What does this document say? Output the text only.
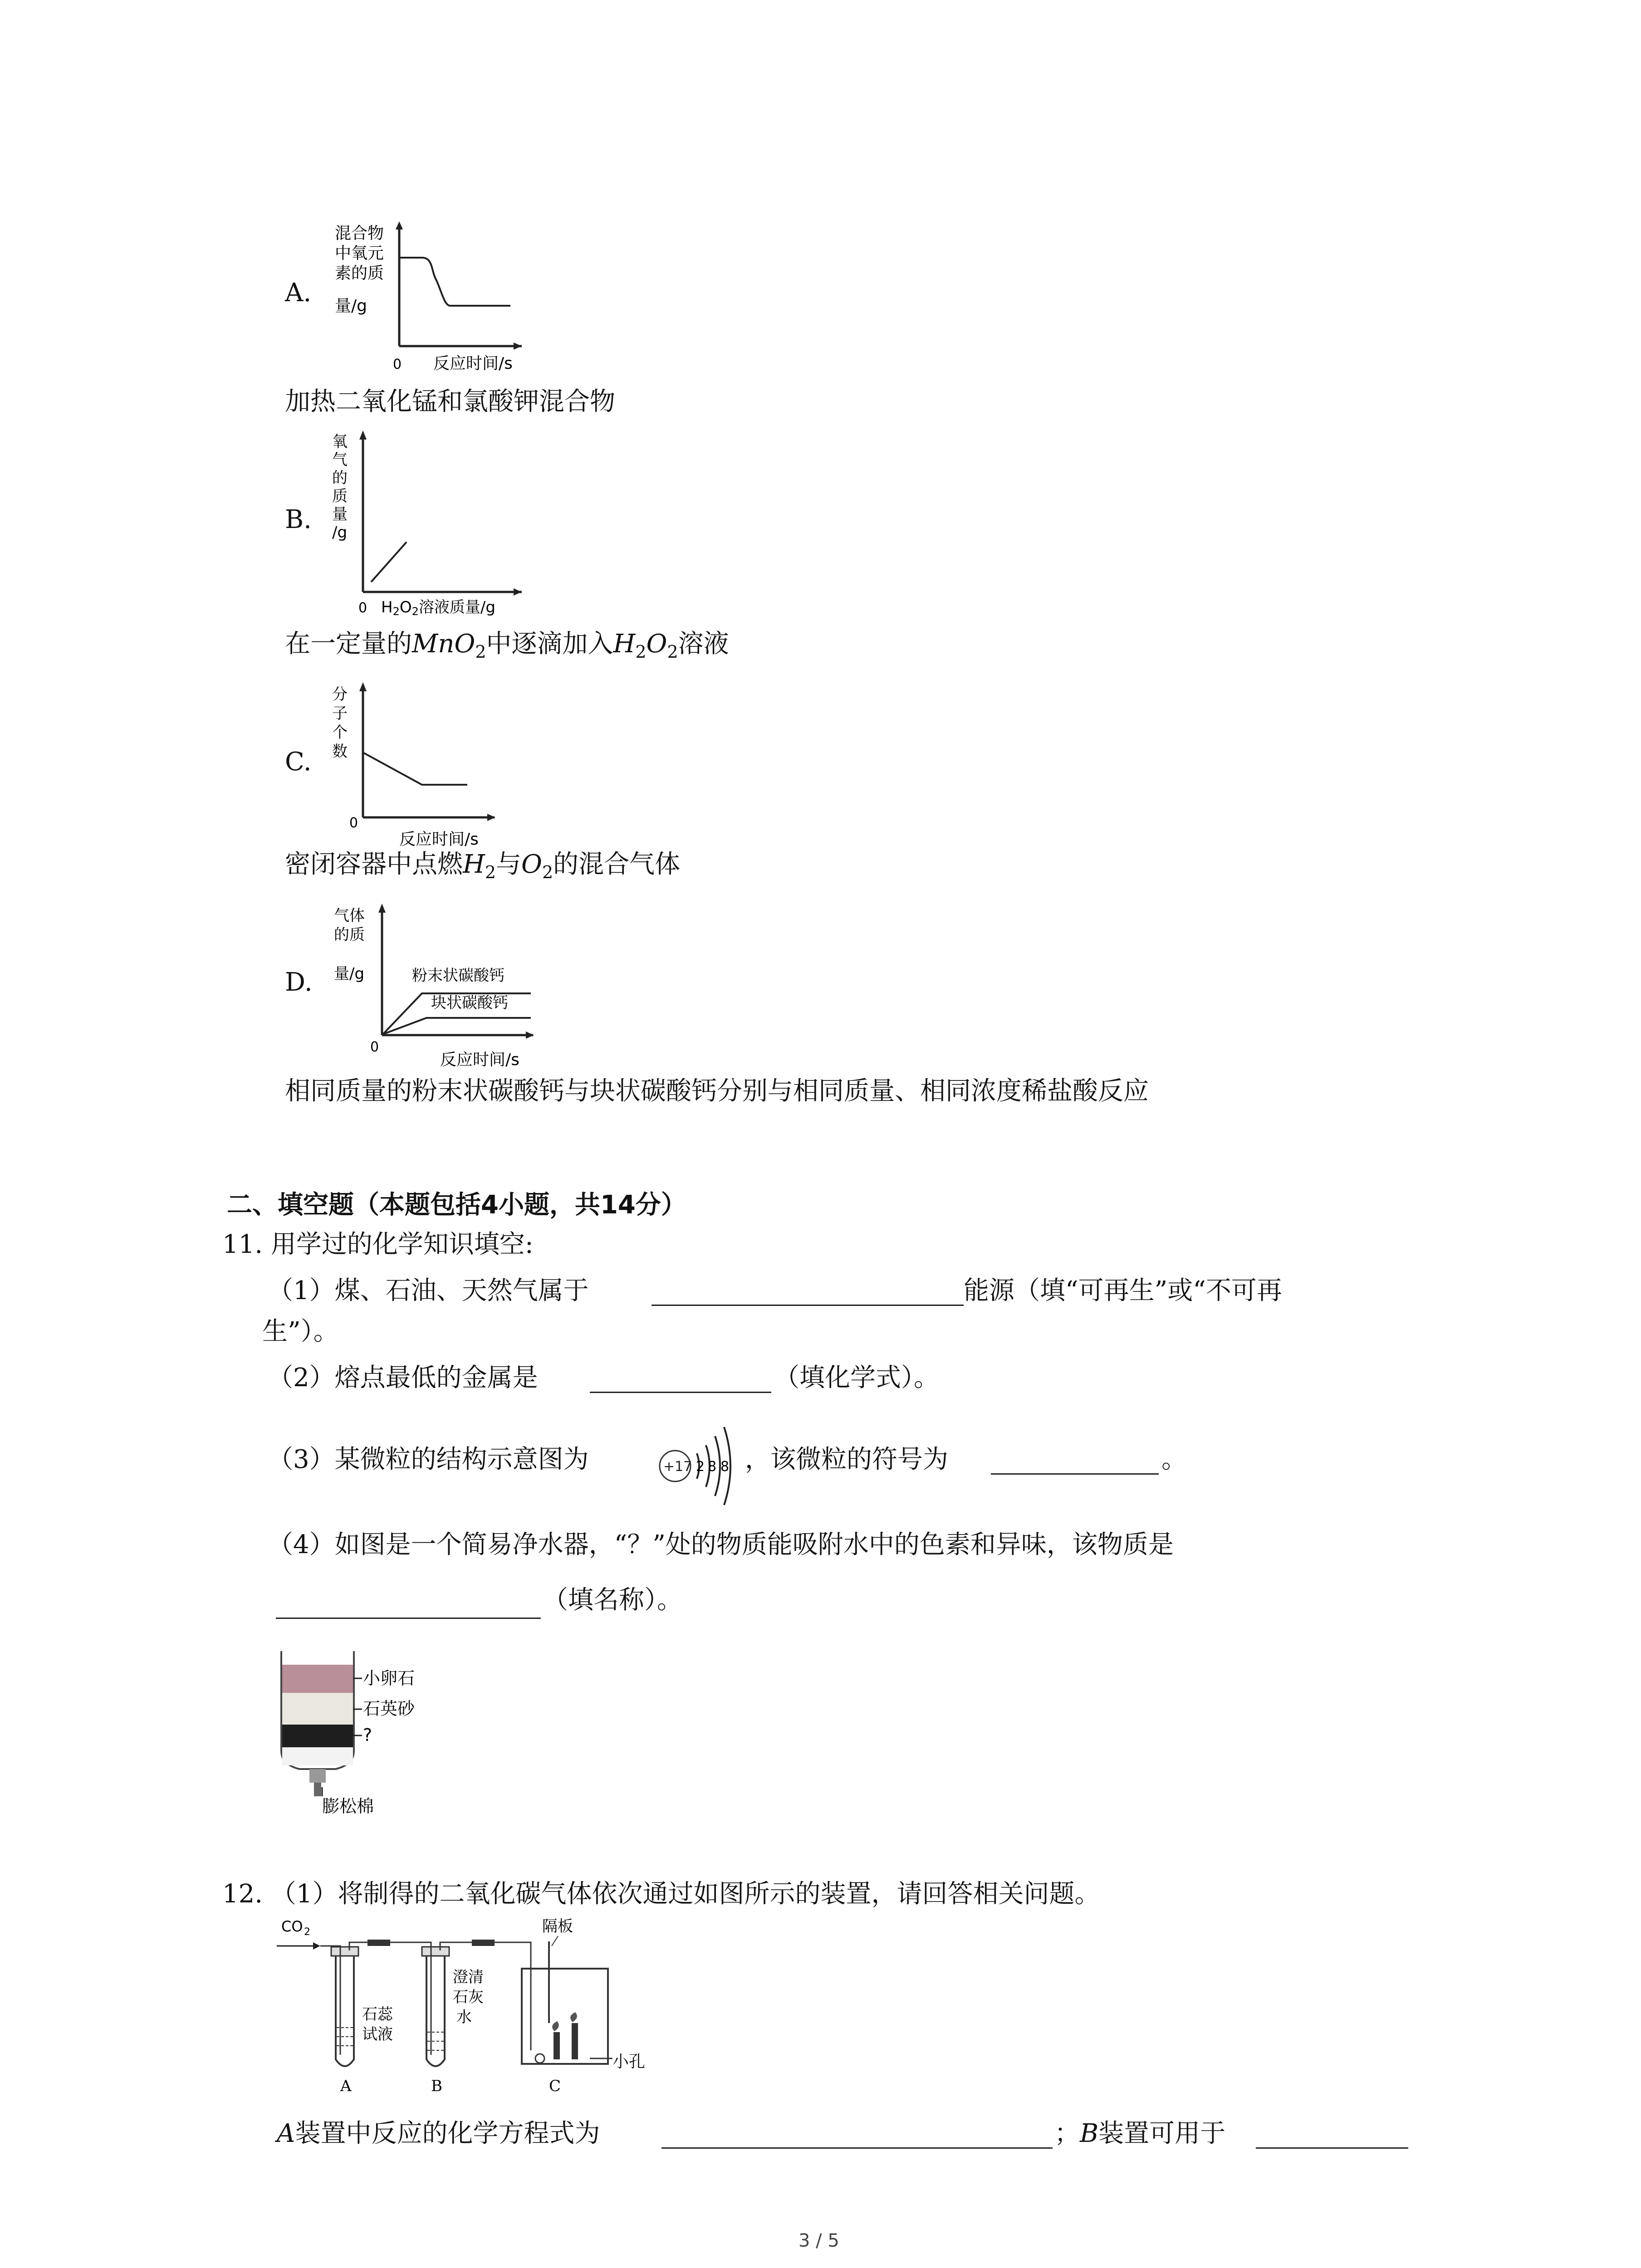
A.
混合物
中氧元
素的质
量/g
0 反应时间/s
加热二氧化锰和氯酸钾混合物
B.
氧
气
的
质
量
/g
0 H2O2溶液质量/g
在一定量的MnO$_2$中逐滴加入$H_2O_2$溶液
C.
分
子
个
数
0
反应时间/s
密闭容器中点燃$H_2$与$O_2$的混合气体
D.
气体
的质
量/g	粉末状碳酸钙
块状碳酸钙
0
反应时间/s
相同质量的粉末状碳酸钙与块状碳酸钙分别与相同质量、相同浓度稀盐酸反应
二、填空题（本题包括4小题，共14分）
11. 用学过的化学知识填空:
（1）煤、石油、天然气属于	能源（填“可再生”或“不可再
生”）。
（2）熔点最低的金属是	（填化学式）。
（3）某微粒的结构示意图为	+17 2 8 8 ，该微粒的符号为	。
（4）如图是一个简易净水器，“？”处的物质能吸附水中的色素和异味，该物质是
（填名称）。
小卵石
石英砂
?
膨松棉
12. （1）将制得的二氧化碳气体依次通过如图所示的装置，请回答相关问题。
CO 2
石蕊
试液
A
澄清
石灰
水
B
隔板
C
小孔
A装置中反应的化学方程式为	；B装置可用于
3 / 5
